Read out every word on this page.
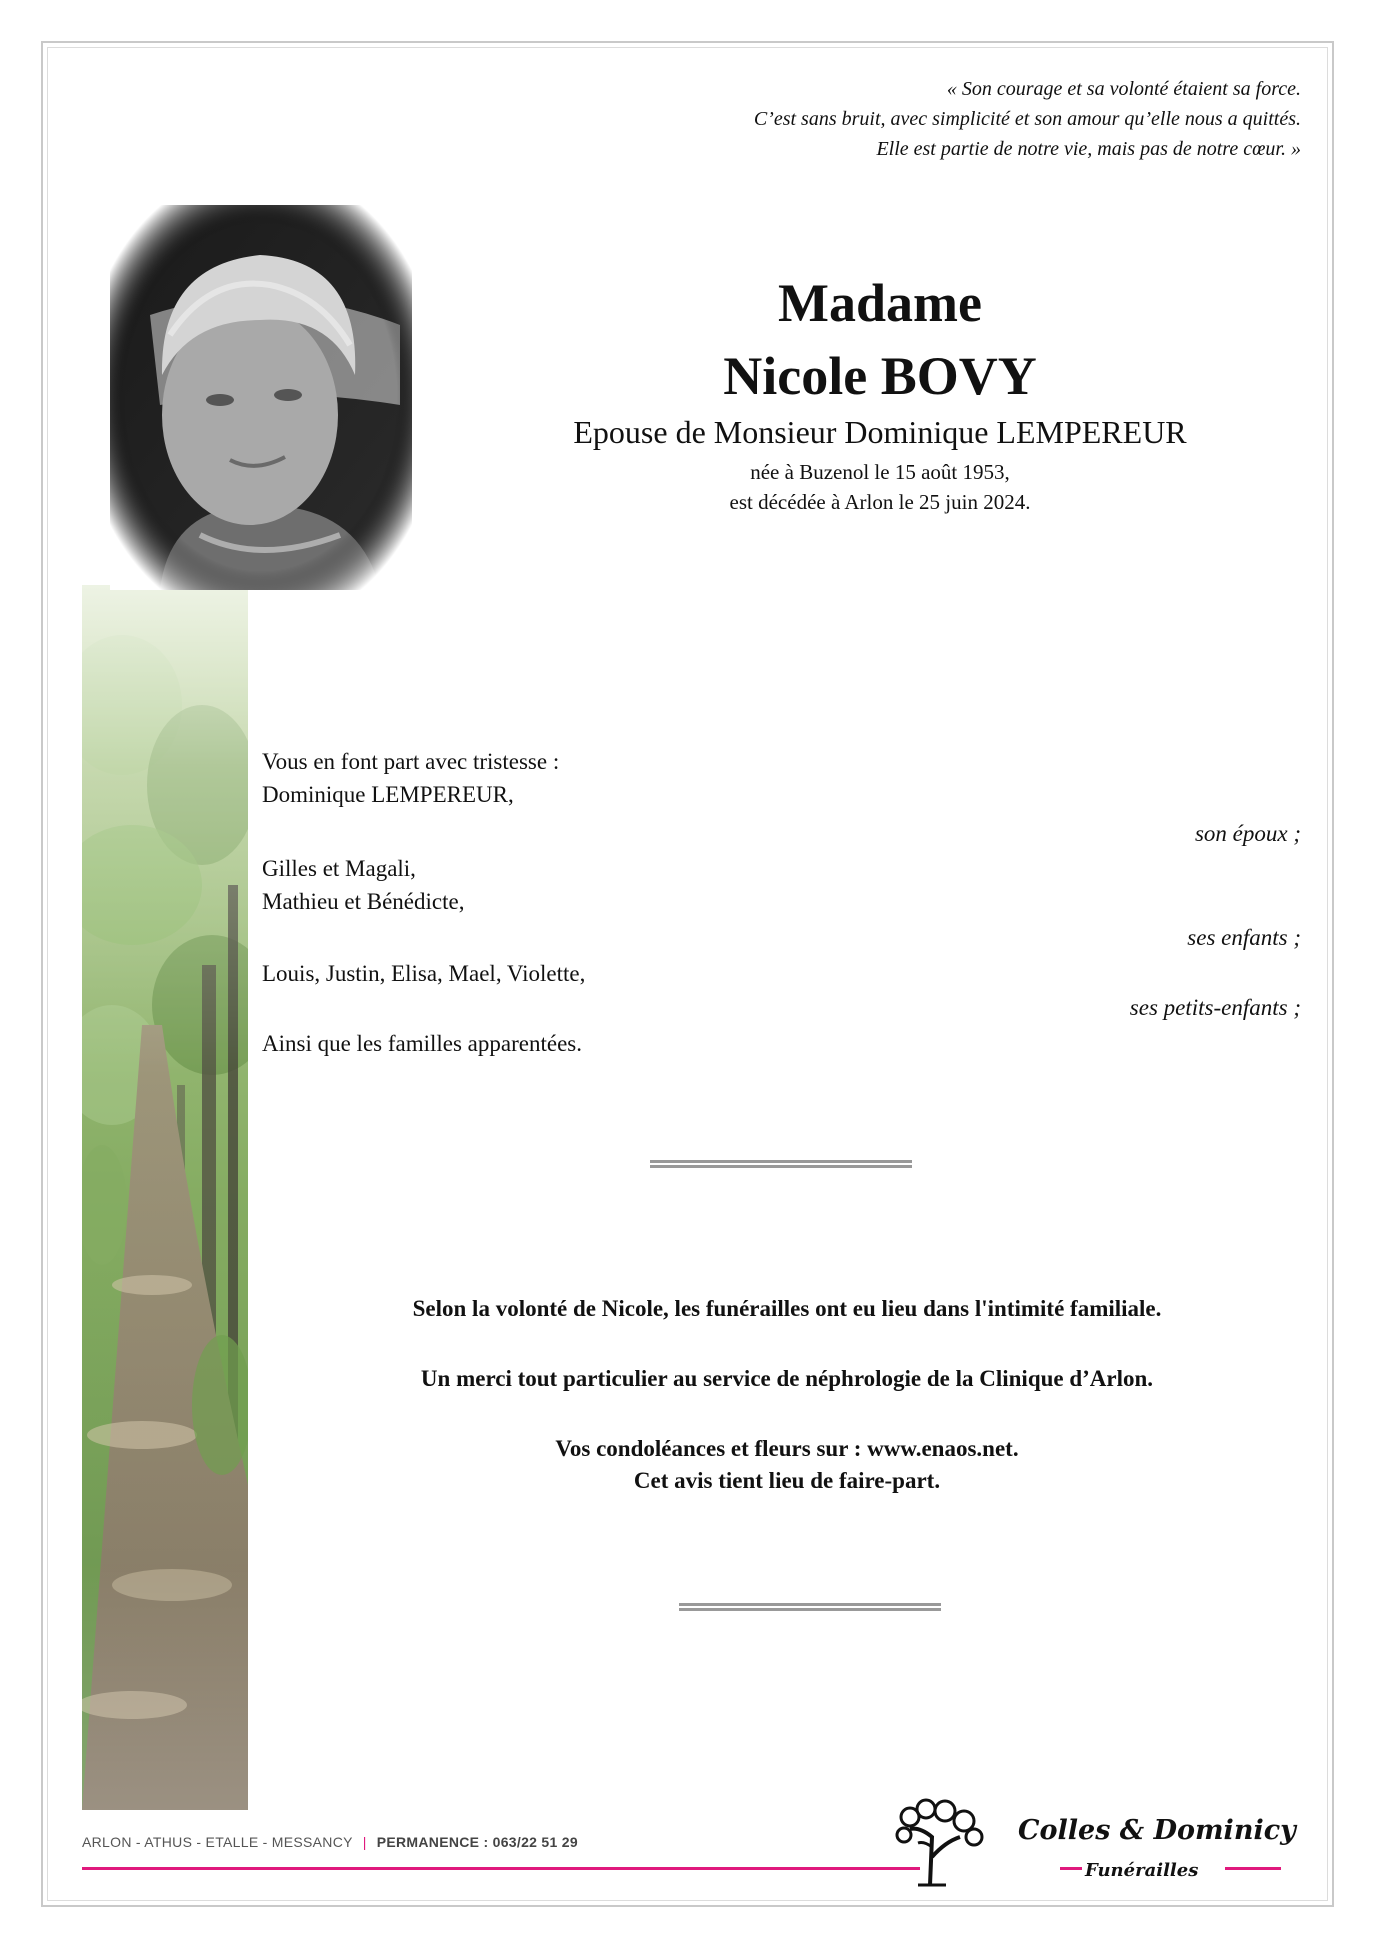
« Son courage et sa volonté étaient sa force.
C’est sans bruit, avec simplicité et son amour qu’elle nous a quittés.
Elle est partie de notre vie, mais pas de notre cœur. »
Madame
Nicole BOVY
Epouse de Monsieur Dominique LEMPEREUR
née à Buzenol le 15 août 1953,
est décédée à Arlon le 25 juin 2024.
Vous en font part avec tristesse :
Dominique LEMPEREUR,
son époux ;
Gilles et Magali,
Mathieu et Bénédicte,
ses enfants ;
Louis, Justin, Elisa, Mael, Violette,
ses petits-enfants ;
Ainsi que les familles apparentées.
Selon la volonté de Nicole, les funérailles ont eu lieu dans l'intimité familiale.
Un merci tout particulier au service de néphrologie de la Clinique d’Arlon.
Vos condoléances et fleurs sur : www.enaos.net.
Cet avis tient lieu de faire-part.
ARLON - ATHUS - ETALLE - MESSANCY | PERMANENCE : 063/22 51 29	Colles & Dominicy
Funérailles
